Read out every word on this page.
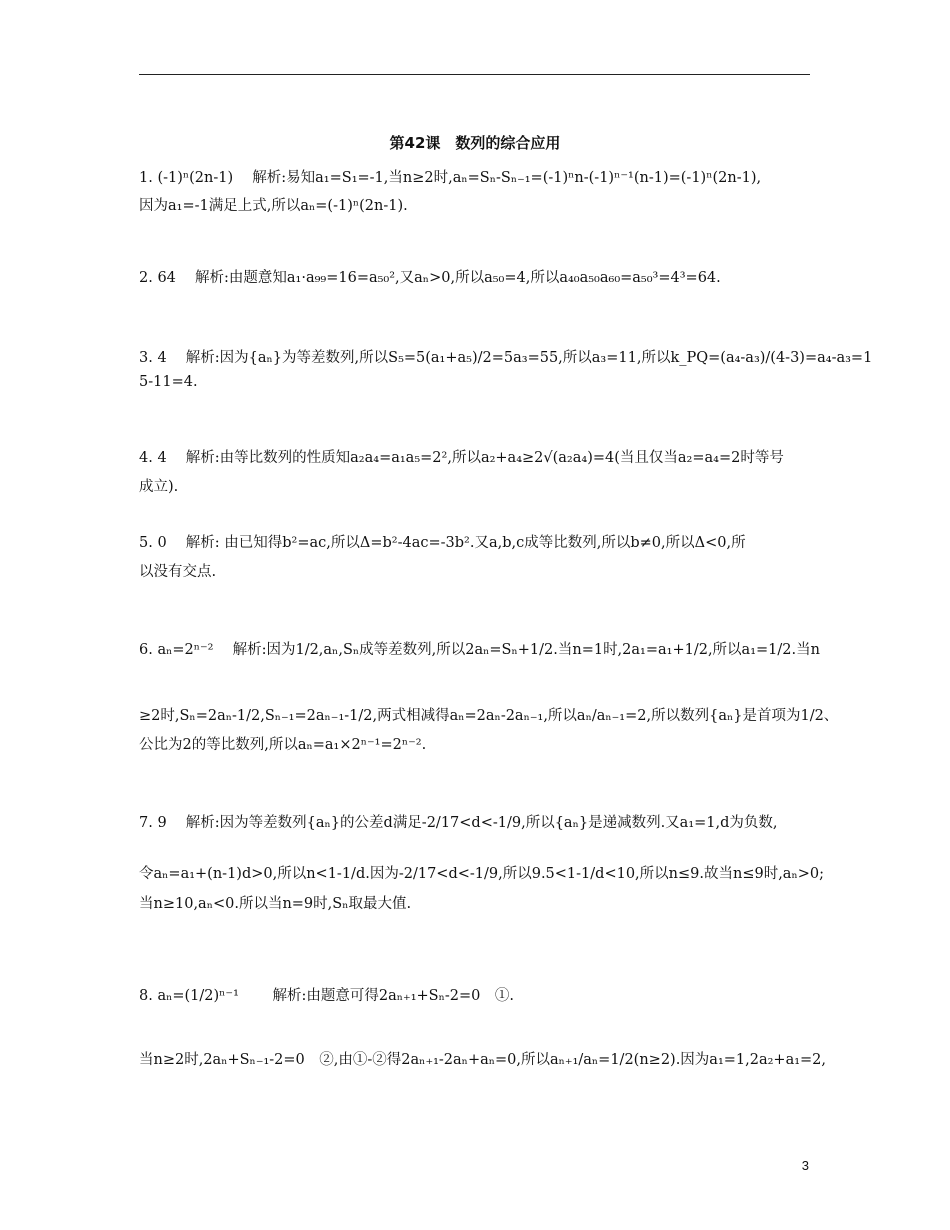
第42课　数列的综合应用
1. (-1)ⁿ(2n-1)　 解析:易知a₁=S₁=-1,当n≥2时,aₙ=Sₙ-Sₙ₋₁=(-1)ⁿn-(-1)ⁿ⁻¹(n-1)=(-1)ⁿ(2n-1),
因为a₁=-1满足上式,所以aₙ=(-1)ⁿ(2n-1).
2. 64　 解析:由题意知a₁·a₉₉=16=a₅₀²,又aₙ>0,所以a₅₀=4,所以a₄₀a₅₀a₆₀=a₅₀³=4³=64.
3. 4　 解析:因为{aₙ}为等差数列,所以S₅=5(a₁+a₅)/2=5a₃=55,所以a₃=11,所以k_PQ=(a₄-a₃)/(4-3)=a₄-a₃=1
5-11=4.
4. 4　 解析:由等比数列的性质知a₂a₄=a₁a₅=2²,所以a₂+a₄≥2√(a₂a₄)=4(当且仅当a₂=a₄=2时等号
成立).
5. 0　 解析: 由已知得b²=ac,所以Δ=b²-4ac=-3b².又a,b,c成等比数列,所以b≠0,所以Δ<0,所
以没有交点.
6. aₙ=2ⁿ⁻²　 解析:因为1/2,aₙ,Sₙ成等差数列,所以2aₙ=Sₙ+1/2.当n=1时,2a₁=a₁+1/2,所以a₁=1/2.当n
≥2时,Sₙ=2aₙ-1/2,Sₙ₋₁=2aₙ₋₁-1/2,两式相减得aₙ=2aₙ-2aₙ₋₁,所以aₙ/aₙ₋₁=2,所以数列{aₙ}是首项为1/2、
公比为2的等比数列,所以aₙ=a₁×2ⁿ⁻¹=2ⁿ⁻².
7. 9　 解析:因为等差数列{aₙ}的公差d满足-2/17<d<-1/9,所以{aₙ}是递减数列.又a₁=1,d为负数,
令aₙ=a₁+(n-1)d>0,所以n<1-1/d.因为-2/17<d<-1/9,所以9.5<1-1/d<10,所以n≤9.故当n≤9时,aₙ>0;
当n≥10,aₙ<0.所以当n=9时,Sₙ取最大值.
8. aₙ=(1/2)ⁿ⁻¹　　 解析:由题意可得2aₙ₊₁+Sₙ-2=0　①.
当n≥2时,2aₙ+Sₙ₋₁-2=0　②,由①-②得2aₙ₊₁-2aₙ+aₙ=0,所以aₙ₊₁/aₙ=1/2(n≥2).因为a₁=1,2a₂+a₁=2,
3
